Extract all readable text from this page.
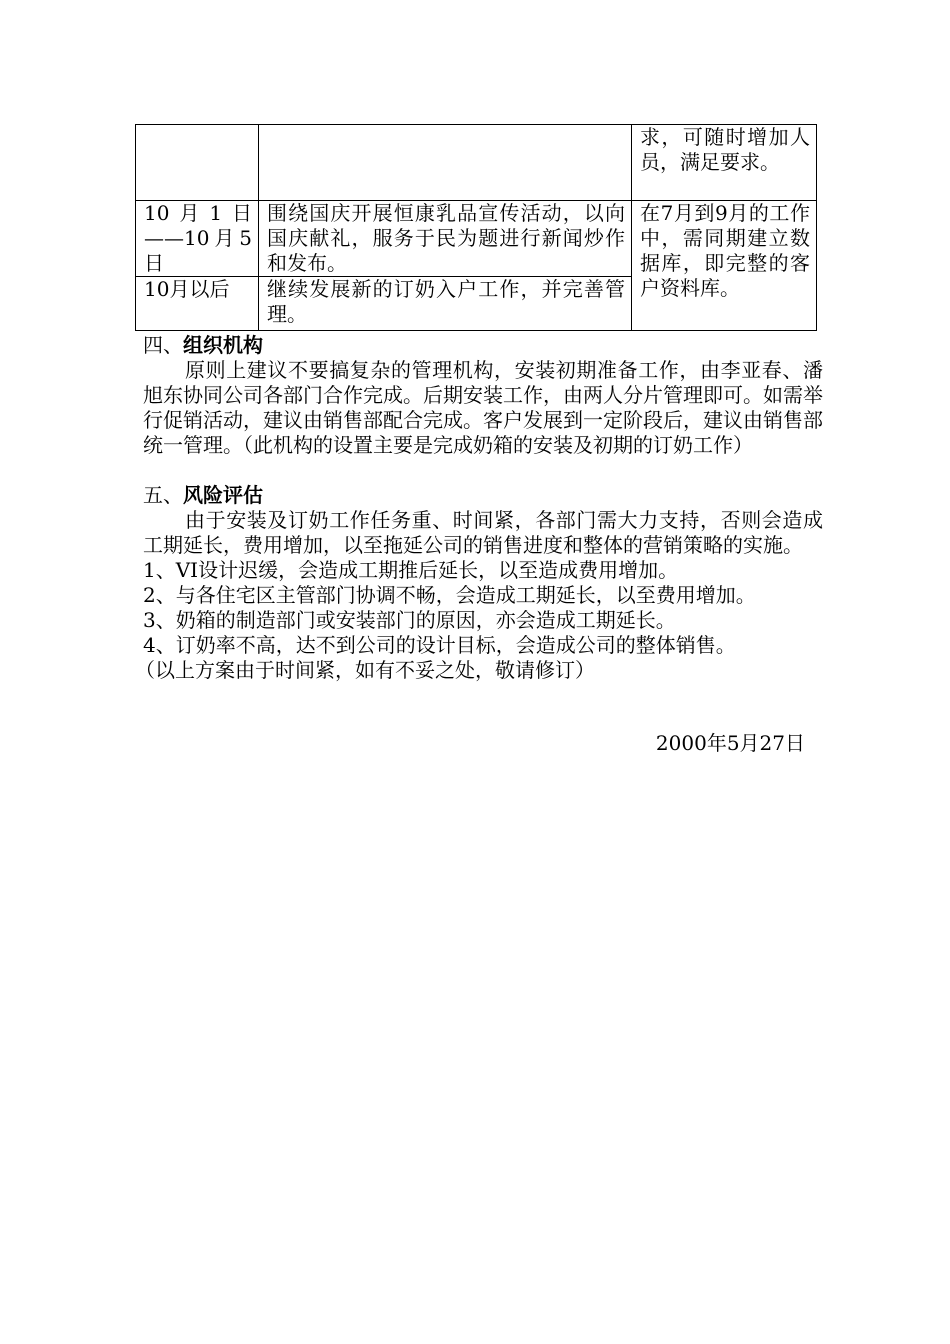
		求，可随时增加人员，满足要求。
10月1日——10月5日	围绕国庆开展恒康乳品宣传活动，以向国庆献礼，服务于民为题进行新闻炒作和发布。	在7月到9月的工作中，需同期建立数据库，即完整的客户资料库。
10月以后	继续发展新的订奶入户工作，并完善管理。	
四、组织机构
原则上建议不要搞复杂的管理机构，安装初期准备工作，由李亚春、潘旭东协同公司各部门合作完成。后期安装工作，由两人分片管理即可。如需举行促销活动，建议由销售部配合完成。客户发展到一定阶段后，建议由销售部统一管理。（此机构的设置主要是完成奶箱的安装及初期的订奶工作）
五、风险评估
由于安装及订奶工作任务重、时间紧，各部门需大力支持，否则会造成工期延长，费用增加，以至拖延公司的销售进度和整体的营销策略的实施。
1、VI设计迟缓，会造成工期推后延长，以至造成费用增加。
2、与各住宅区主管部门协调不畅，会造成工期延长，以至费用增加。
3、奶箱的制造部门或安装部门的原因，亦会造成工期延长。
4、订奶率不高，达不到公司的设计目标，会造成公司的整体销售。
（以上方案由于时间紧，如有不妥之处，敬请修订）
2000年5月27日
